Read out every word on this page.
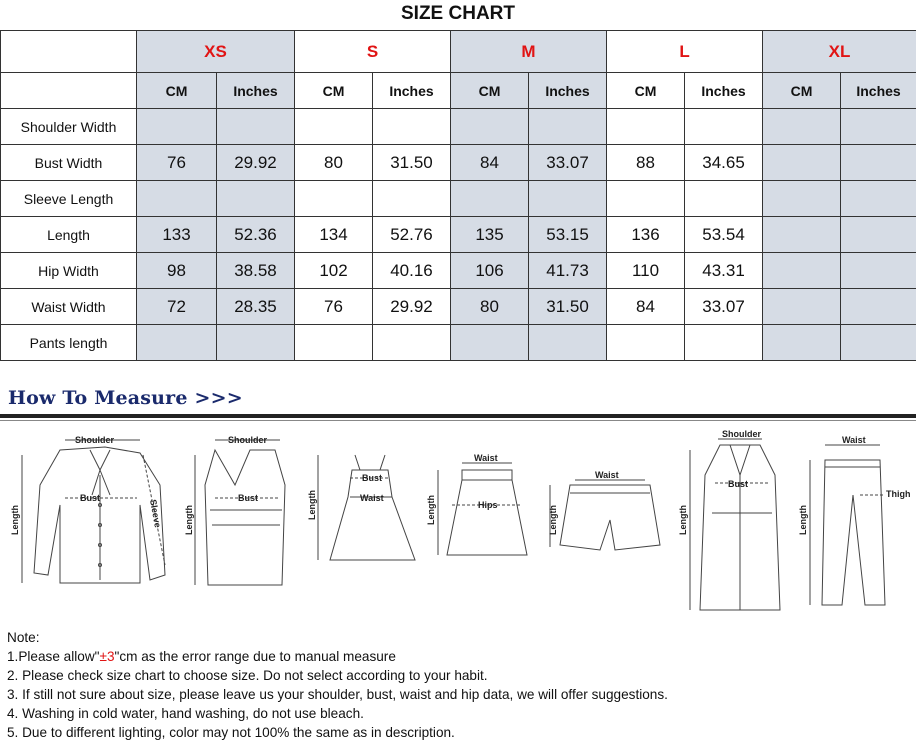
SIZE CHART
	XS		S		M		L		XL	
	CM	Inches	CM	Inches	CM	Inches	CM	Inches	CM	Inches
Shoulder Width										
Bust Width	76	29.92	80	31.50	84	33.07	88	34.65		
Sleeve Length										
Length	133	52.36	134	52.76	135	53.15	136	53.54		
Hip Width	98	38.58	102	40.16	106	41.73	110	43.31		
Waist Width	72	28.35	76	29.92	80	31.50	84	33.07		
Pants length										
How To Measure >>>
Shoulder
Bust
Sleeve
Length
Shoulder
Bust
Length
Bust
Waist
Length
Waist
Hips
Length
Waist
Length
Shoulder
Bust
Length
Waist
Thigh
Length
Note:
1.Please allow"±3"cm as the error range due to manual measure
2. Please check size chart to choose size. Do not select according to your habit.
3. If still not sure about size, please leave us your shoulder, bust, waist and hip data, we will offer suggestions.
4. Washing in cold water, hand washing, do not use bleach.
5. Due to different lighting, color may not 100% the same as in description.
